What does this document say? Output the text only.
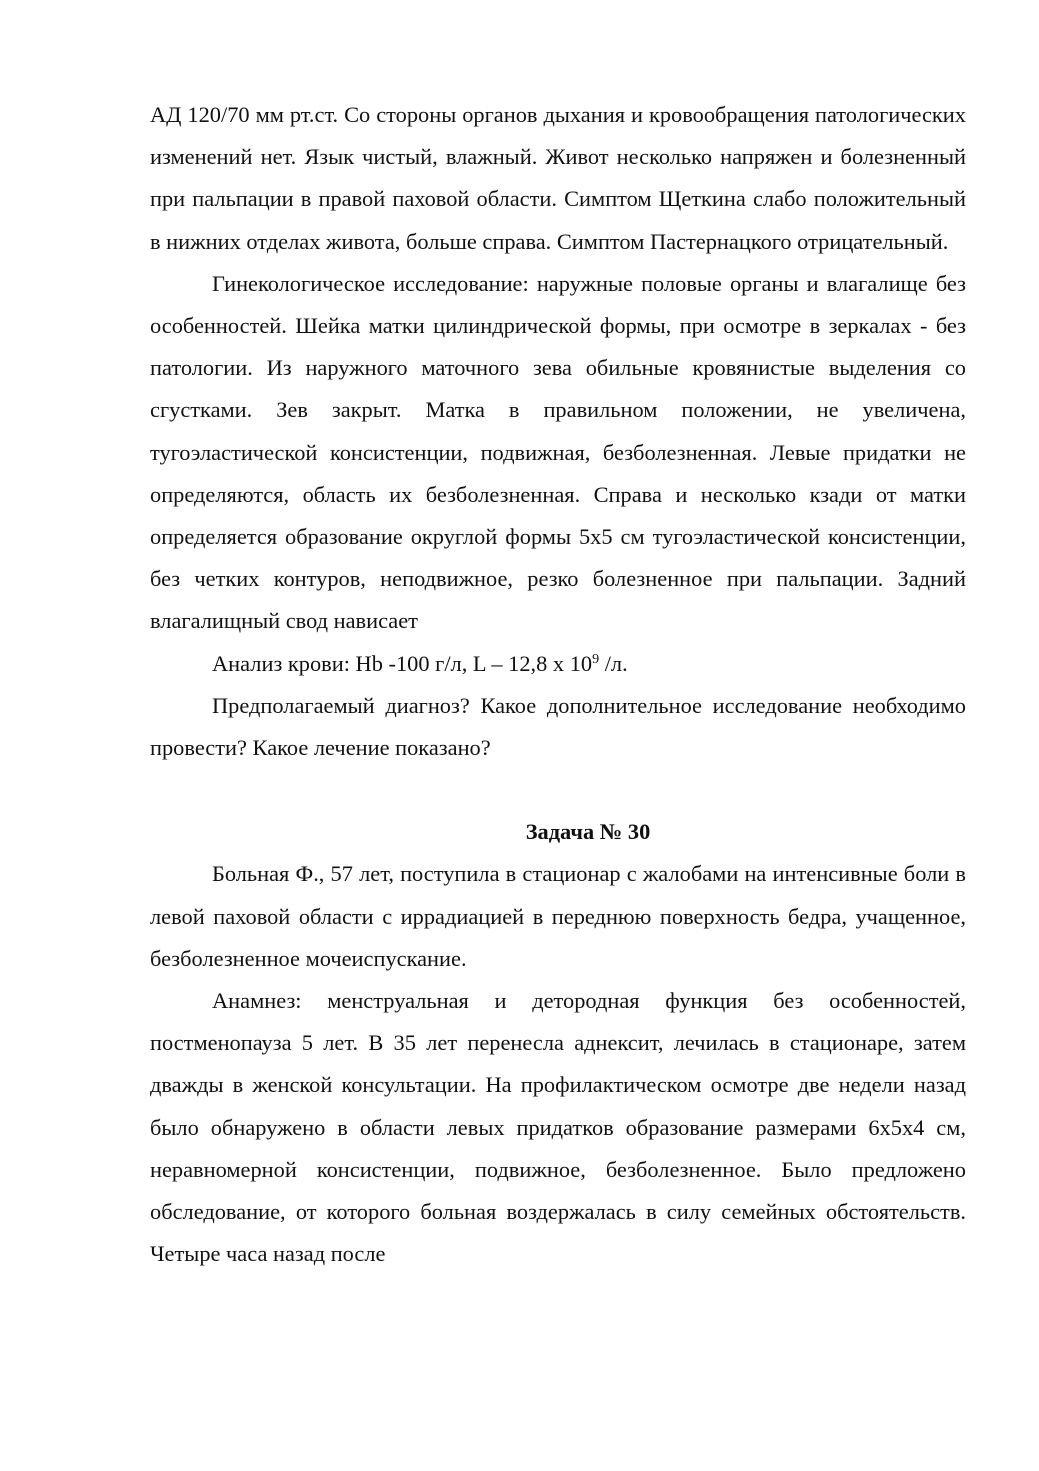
АД 120/70 мм рт.ст. Со стороны органов дыхания и кровообращения патологических изменений нет. Язык чистый, влажный. Живот несколько напряжен и болезненный при пальпации в правой паховой области. Симптом Щеткина слабо положительный в нижних отделах живота, больше справа. Симптом Пастернацкого отрицательный.

Гинекологическое исследование: наружные половые органы и влагалище без особенностей. Шейка матки цилиндрической формы, при осмотре в зеркалах - без патологии. Из наружного маточного зева обильные кровянистые выделения со сгустками. Зев закрыт. Матка в правильном положении, не увеличена, тугоэластической консистенции, подвижная, безболезненная. Левые придатки не определяются, область их безболезненная. Справа и несколько кзади от матки определяется образование округлой формы 5х5 см тугоэластической консистенции, без четких контуров, неподвижное, резко болезненное при пальпации. Задний влагалищный свод нависает

Анализ крови: Hb -100 г/л, L – 12,8 х $10^9$ /л.

Предполагаемый диагноз? Какое дополнительное исследование необходимо провести? Какое лечение показано?

Задача № 30

Больная Ф., 57 лет, поступила в стационар с жалобами на интенсивные боли в левой паховой области с иррадиацией в переднюю поверхность бедра, учащенное, безболезненное мочеиспускание.

Анамнез: менструальная и детородная функция без особенностей, постменопауза 5 лет. В 35 лет перенесла аднексит, лечилась в стационаре, затем дважды в женской консультации. На профилактическом осмотре две недели назад было обнаружено в области левых придатков образование размерами 6х5х4 см, неравномерной консистенции, подвижное, безболезненное. Было предложено обследование, от которого больная воздержалась в силу семейных обстоятельств. Четыре часа назад после
